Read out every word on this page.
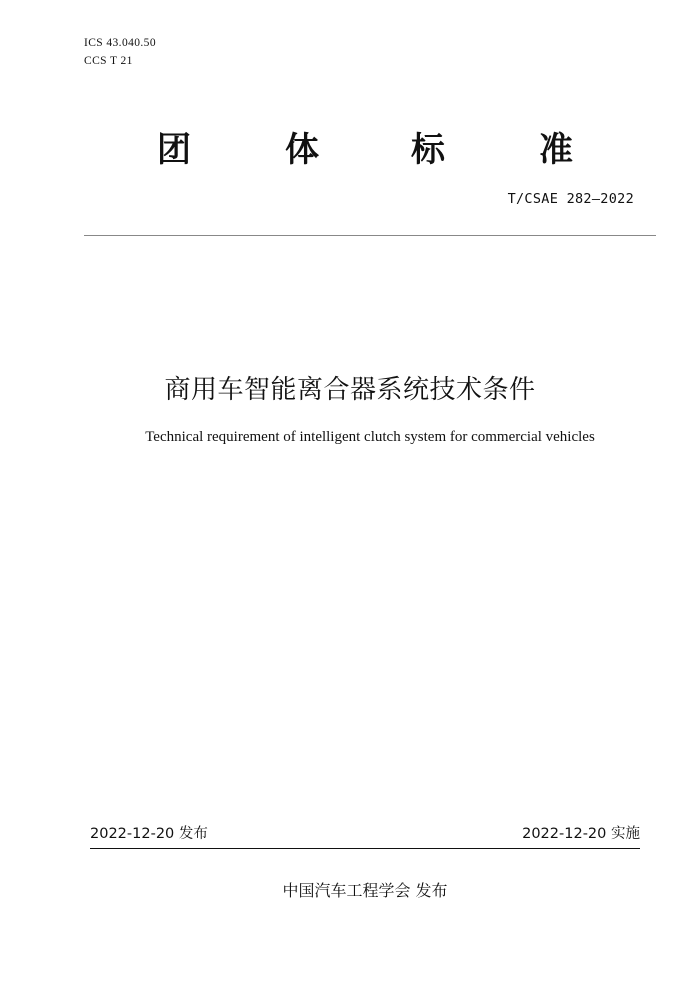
ICS 43.040.50
CCS T 21
团	体	标	准
T/CSAE 282—2022
商用车智能离合器系统技术条件
Technical requirement of intelligent clutch system for commercial vehicles
2022-12-20 发布	2022-12-20 实施
中国汽车工程学会 发布
